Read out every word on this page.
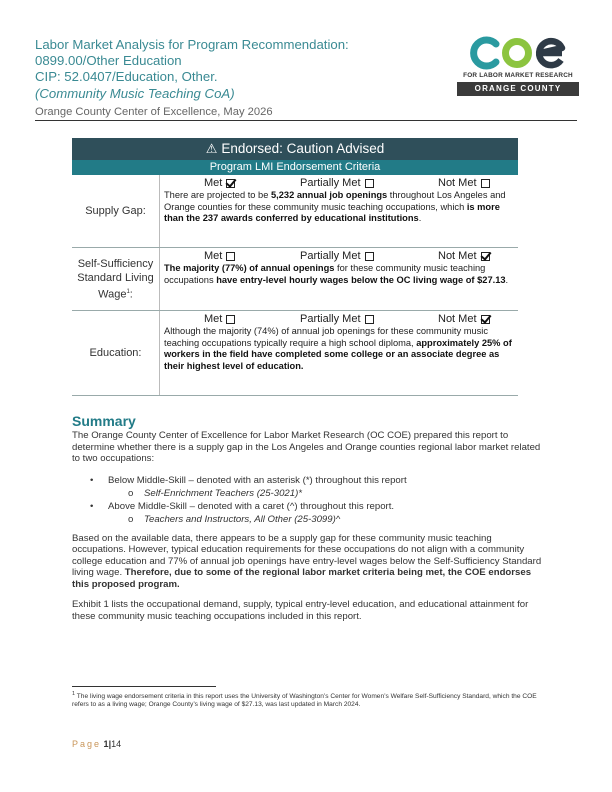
Labor Market Analysis for Program Recommendation:
0899.00/Other Education
CIP: 52.0407/Education, Other.
(Community Music Teaching CoA)
Orange County Center of Excellence, May 2026
FOR LABOR MARKET RESEARCH
ORANGE COUNTY
⚠ Endorsed: Caution Advised
Program LMI Endorsement Criteria
Supply Gap:
Met	Partially Met	Not Met
There are projected to be 5,232 annual job openings throughout Los Angeles and Orange counties for these community music teaching occupations, which is more than the 237 awards conferred by educational institutions.
Self-Sufficiency Standard Living Wage$^1$:
Met	Partially Met	Not Met
The majority (77%) of annual openings for these community music teaching occupations have entry-level hourly wages below the OC living wage of $27.13.
Education:
Met	Partially Met	Not Met
Although the majority (74%) of annual job openings for these community music teaching occupations typically require a high school diploma, approximately 25% of workers in the field have completed some college or an associate degree as their highest level of education.
Summary

The Orange County Center of Excellence for Labor Market Research (OC COE) prepared this report to determine whether there is a supply gap in the Los Angeles and Orange counties regional labor market related to two occupations:

• Below Middle-Skill – denoted with an asterisk (*) throughout this report
o Self-Enrichment Teachers (25-3021)*
• Above Middle-Skill – denoted with a caret (^) throughout this report.
o Teachers and Instructors, All Other (25-3099)^

Based on the available data, there appears to be a supply gap for these community music teaching occupations. However, typical education requirements for these occupations do not align with a community college education and 77% of annual job openings have entry-level wages below the Self-Sufficiency Standard living wage. Therefore, due to some of the regional labor market criteria being met, the COE endorses this proposed program.

Exhibit 1 lists the occupational demand, supply, typical entry-level education, and educational attainment for these community music teaching occupations included in this report.

$^1$ The living wage endorsement criteria in this report uses the University of Washington’s Center for Women’s Welfare Self-Sufficiency Standard, which the COE refers to as a living wage; Orange County’s living wage of $27.13, was last updated in March 2024.
Page 1|14
